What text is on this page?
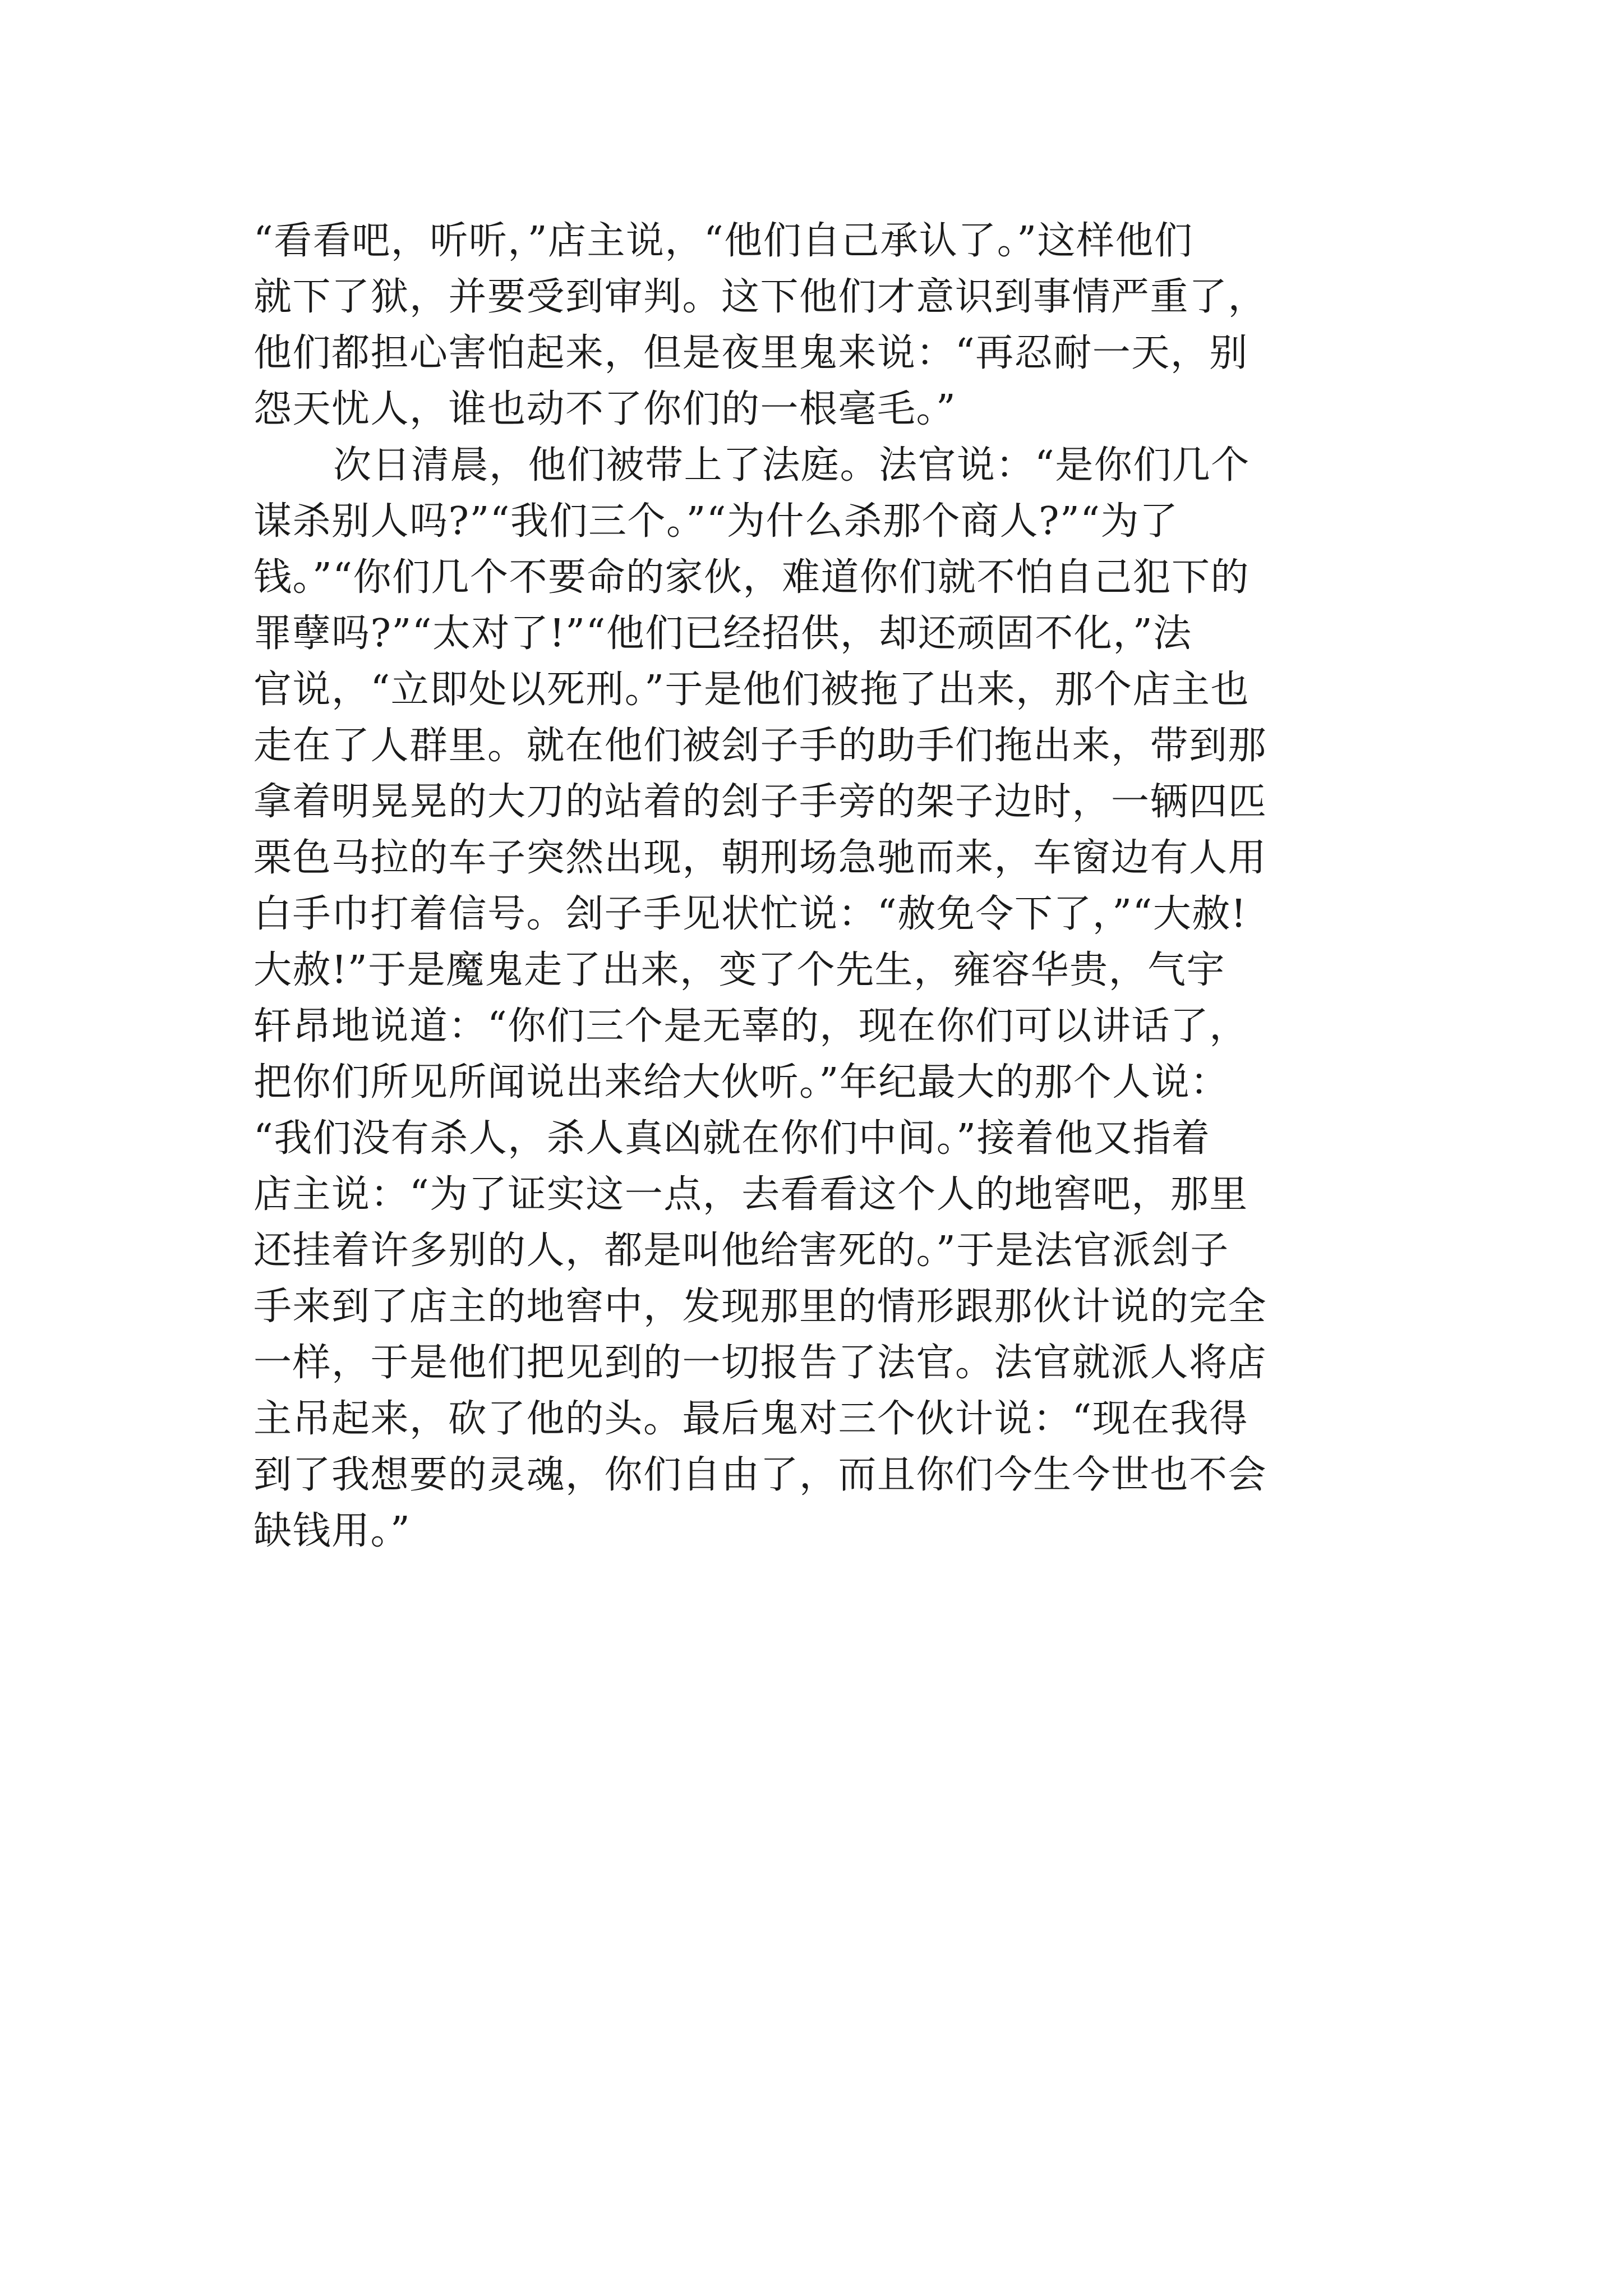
“看看吧，听听，”店主说，“他们自己承认了。”这样他们
就下了狱，并要受到审判。这下他们才意识到事情严重了，
他们都担心害怕起来，但是夜里鬼来说：“再忍耐一天，别
怨天忧人，谁也动不了你们的一根毫毛。”
次日清晨，他们被带上了法庭。法官说：“是你们几个
谋杀别人吗?”“我们三个。”“为什么杀那个商人?”“为了
钱。”“你们几个不要命的家伙，难道你们就不怕自己犯下的
罪孽吗?”“太对了!”“他们已经招供，却还顽固不化，”法
官说，“立即处以死刑。”于是他们被拖了出来，那个店主也
走在了人群里。就在他们被刽子手的助手们拖出来，带到那
拿着明晃晃的大刀的站着的刽子手旁的架子边时，一辆四匹
栗色马拉的车子突然出现，朝刑场急驰而来，车窗边有人用
白手巾打着信号。刽子手见状忙说：“赦免令下了，”“大赦!
大赦!”于是魔鬼走了出来，变了个先生，雍容华贵，气宇
轩昂地说道：“你们三个是无辜的，现在你们可以讲话了，
把你们所见所闻说出来给大伙听。”年纪最大的那个人说：
“我们没有杀人，杀人真凶就在你们中间。”接着他又指着
店主说：“为了证实这一点，去看看这个人的地窖吧，那里
还挂着许多别的人，都是叫他给害死的。”于是法官派刽子
手来到了店主的地窖中，发现那里的情形跟那伙计说的完全
一样，于是他们把见到的一切报告了法官。法官就派人将店
主吊起来，砍了他的头。最后鬼对三个伙计说：“现在我得
到了我想要的灵魂，你们自由了，而且你们今生今世也不会
缺钱用。”
